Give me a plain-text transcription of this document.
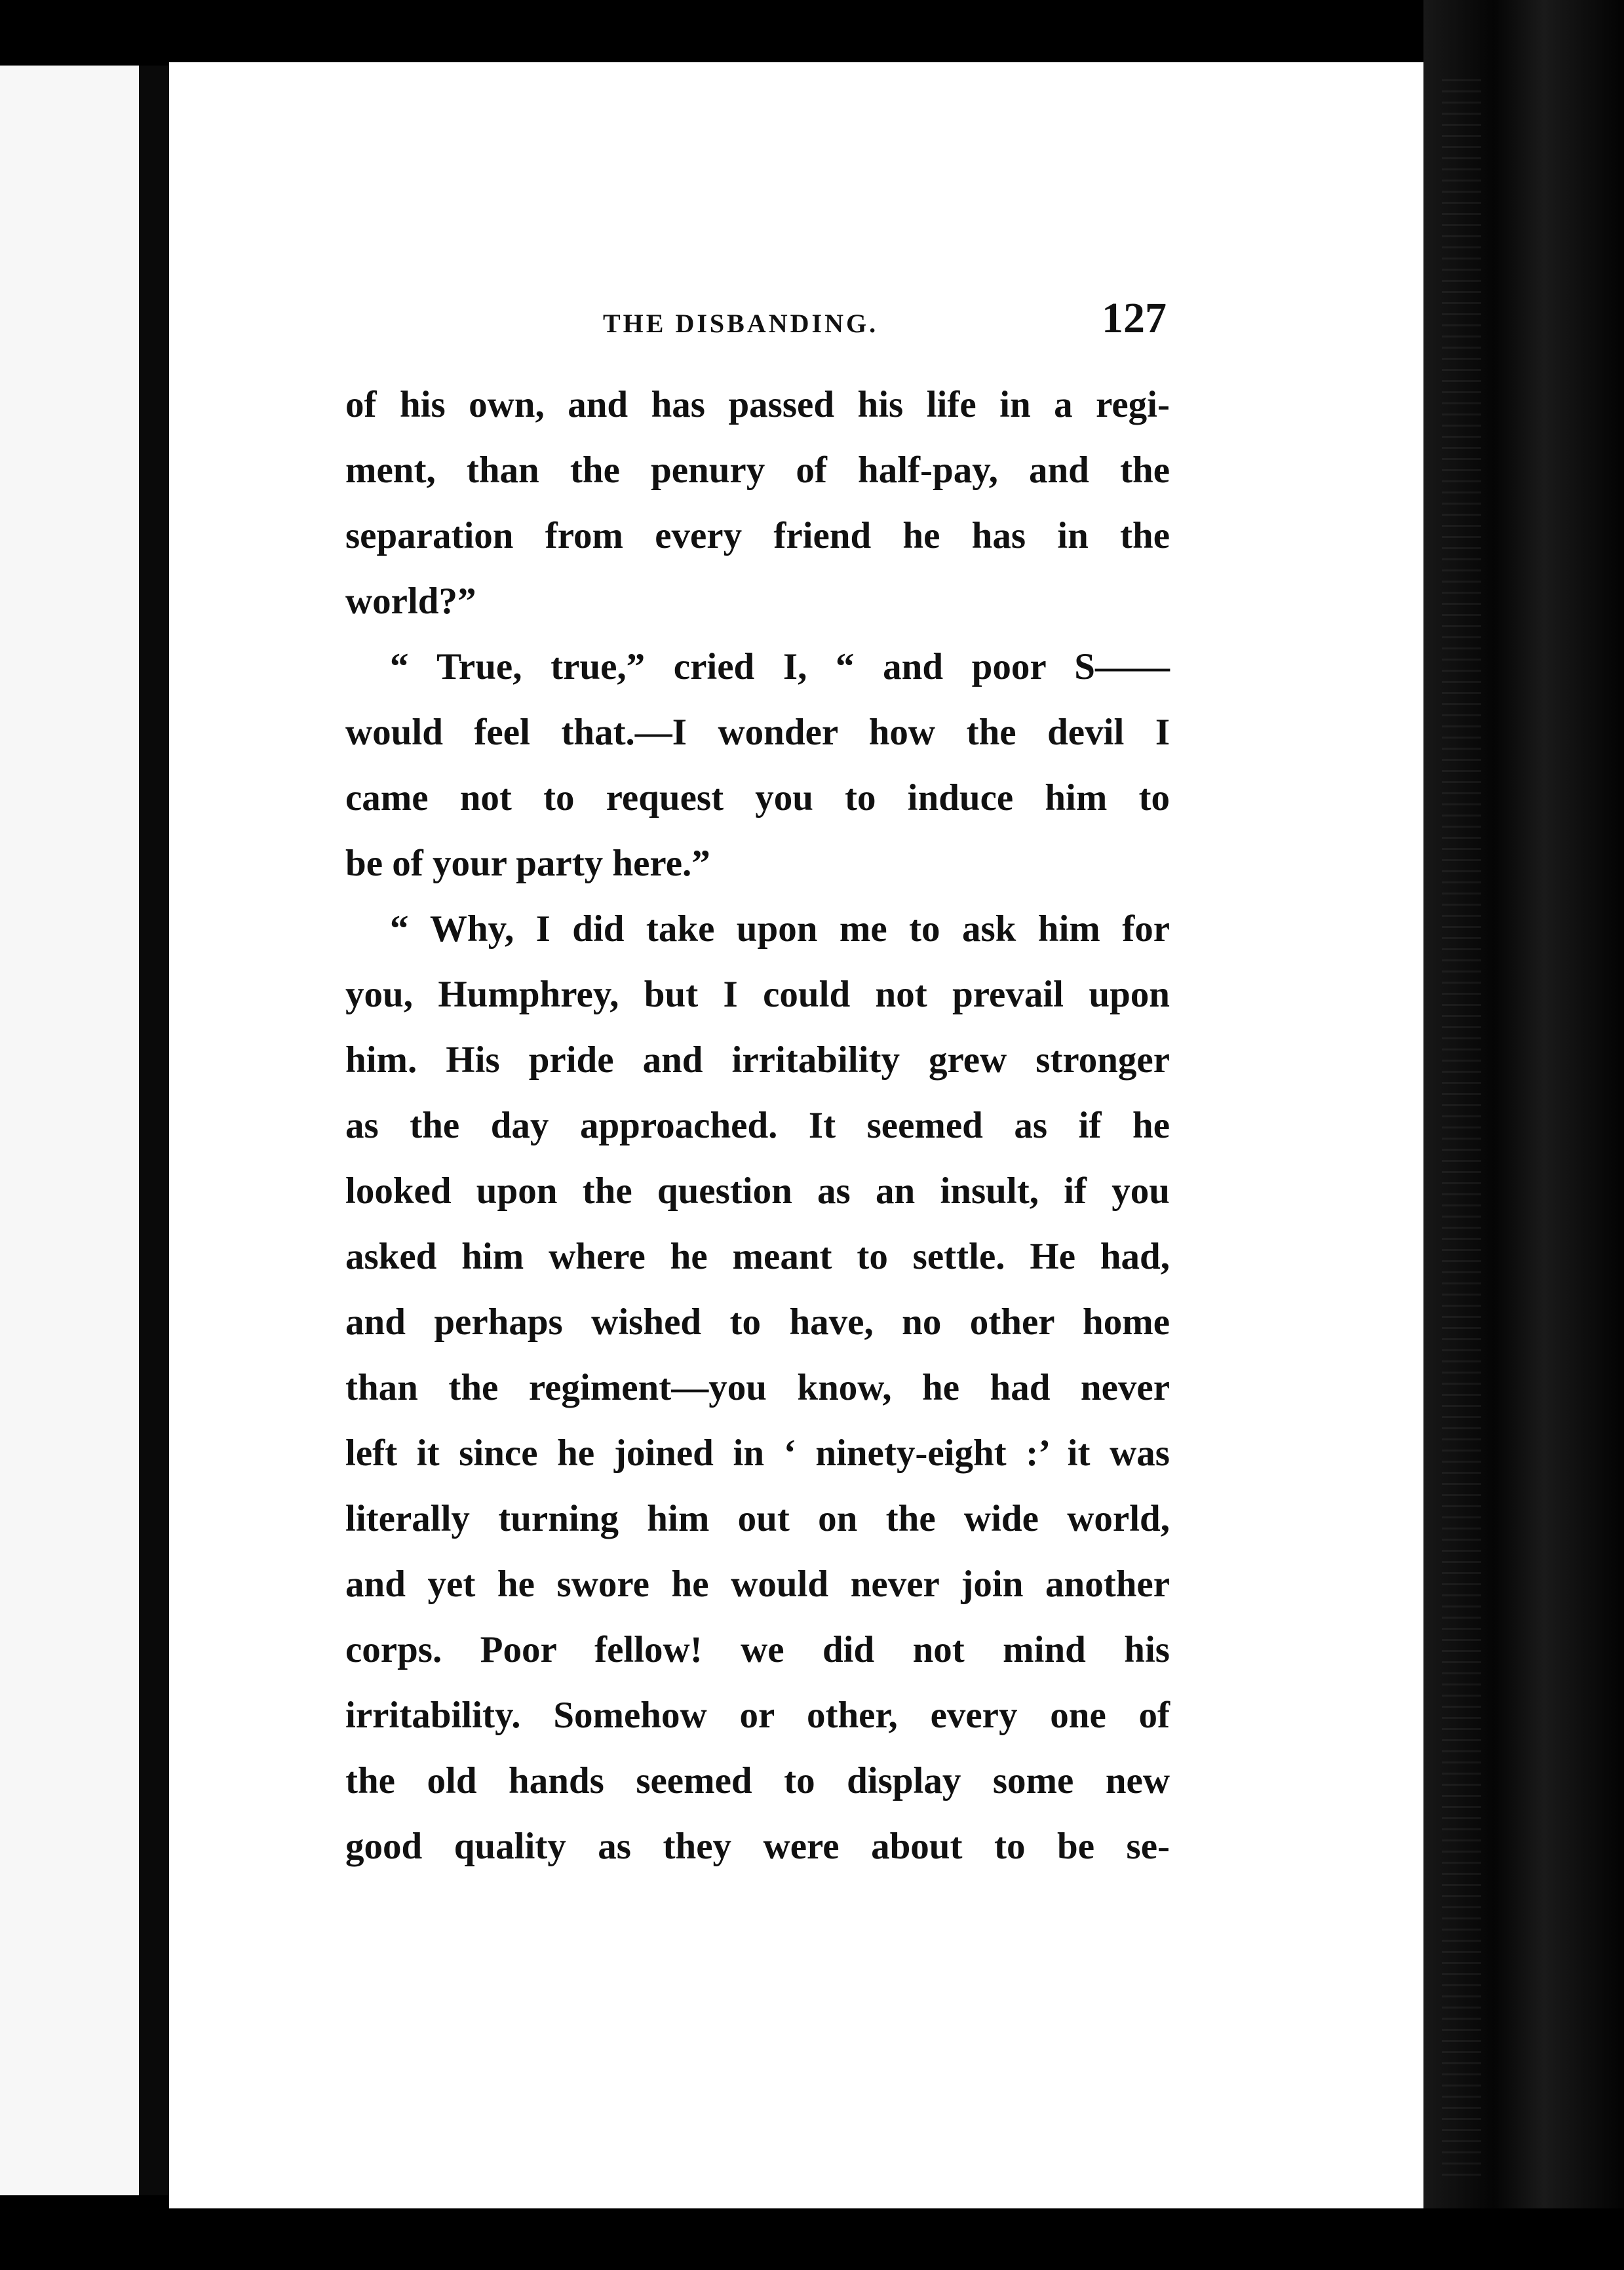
THE DISBANDING.	127
of his own, and has passed his life in a regi-
ment, than the penury of half-pay, and the
separation from every friend he has in the
world?”
“ True, true,” cried I, “ and poor S——
would feel that.—I wonder how the devil I
came not to request you to induce him to
be of your party here.”
“ Why, I did take upon me to ask him for
you, Humphrey, but I could not prevail upon
him. His pride and irritability grew stronger
as the day approached. It seemed as if he
looked upon the question as an insult, if you
asked him where he meant to settle. He had,
and perhaps wished to have, no other home
than the regiment—you know, he had never
left it since he joined in ‘ ninety-eight :’ it was
literally turning him out on the wide world,
and yet he swore he would never join another
corps. Poor fellow! we did not mind his
irritability. Somehow or other, every one of
the old hands seemed to display some new
good quality as they were about to be se-
